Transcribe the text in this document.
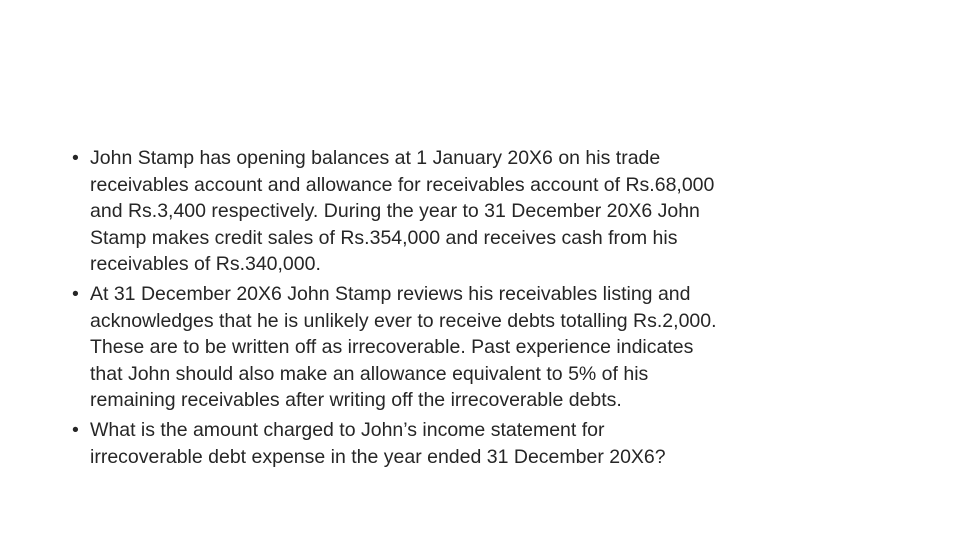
• John Stamp has opening balances at 1 January 20X6 on his trade
receivables account and allowance for receivables account of Rs.68,000
and Rs.3,400 respectively. During the year to 31 December 20X6 John
Stamp makes credit sales of Rs.354,000 and receives cash from his
receivables of Rs.340,000.
• At 31 December 20X6 John Stamp reviews his receivables listing and
acknowledges that he is unlikely ever to receive debts totalling Rs.2,000.
These are to be written off as irrecoverable. Past experience indicates
that John should also make an allowance equivalent to 5% of his
remaining receivables after writing off the irrecoverable debts.
• What is the amount charged to John’s income statement for
irrecoverable debt expense in the year ended 31 December 20X6?
